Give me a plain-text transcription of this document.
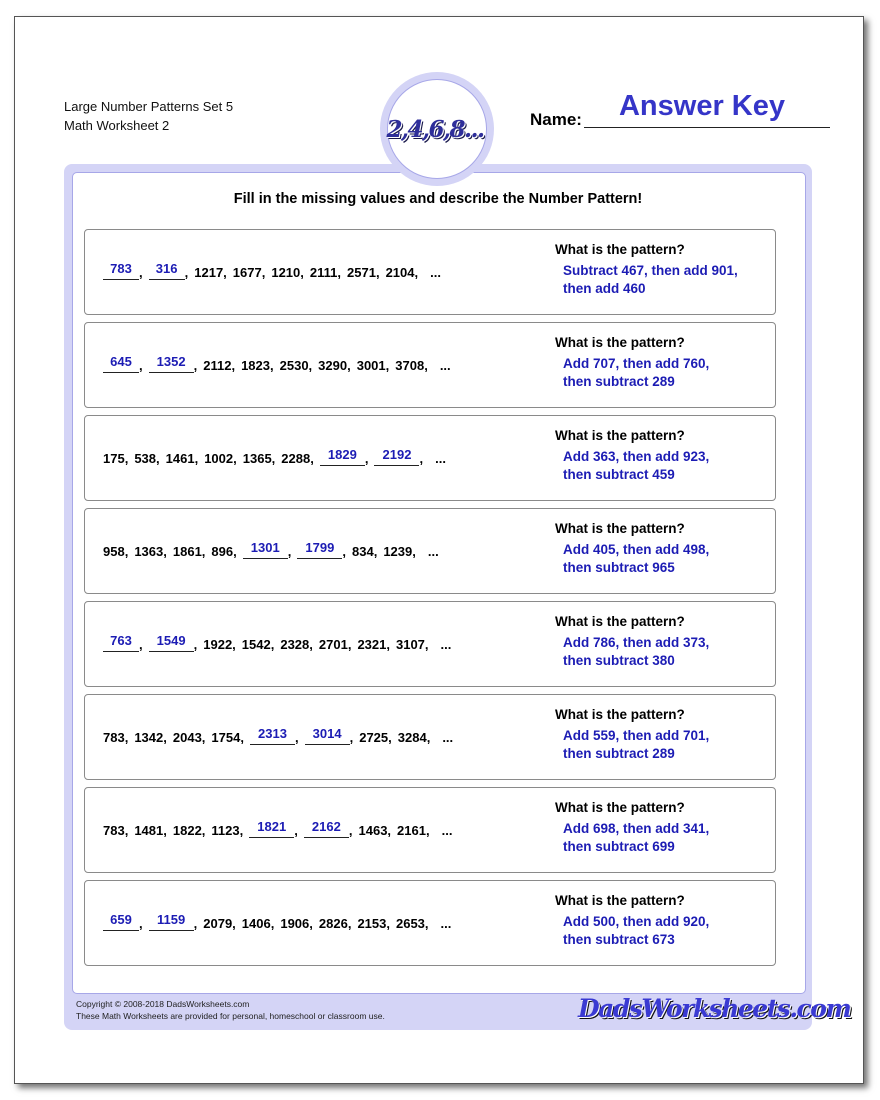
Large Number Patterns Set 5
Math Worksheet 2	2,4,6,8...	Name:	Answer Key
Fill in the missing values and describe the Number Pattern!
783 ,	316 , 1217 , 1677 , 1210 , 2111 , 2571 , 2104 , ...
What is the pattern?
Subtract 467, then add 901,
then add 460
645 ,	1352 , 2112 , 1823 , 2530 , 3290 , 3001 , 3708 , ...
What is the pattern?
Add 707, then add 760,
then subtract 289
175 , 538 , 1461 , 1002 , 1365 , 2288 ,	1829 ,	2192 , ...
What is the pattern?
Add 363, then add 923,
then subtract 459
958 , 1363 , 1861 , 896 ,	1301 ,	1799 , 834 , 1239 , ...
What is the pattern?
Add 405, then add 498,
then subtract 965
763 ,	1549 , 1922 , 1542 , 2328 , 2701 , 2321 , 3107 , ...
What is the pattern?
Add 786, then add 373,
then subtract 380
783 , 1342 , 2043 , 1754 ,	2313 ,	3014 , 2725 , 3284 , ...
What is the pattern?
Add 559, then add 701,
then subtract 289
783 , 1481 , 1822 , 1123 ,	1821 ,	2162 , 1463 , 2161 , ...
What is the pattern?
Add 698, then add 341,
then subtract 699
659 ,	1159 , 2079 , 1406 , 1906 , 2826 , 2153 , 2653 , ...
What is the pattern?
Add 500, then add 920,
then subtract 673
Copyright © 2008-2018 DadsWorksheets.com
These Math Worksheets are provided for personal, homeschool or classroom use.	DadsWorksheets.com
